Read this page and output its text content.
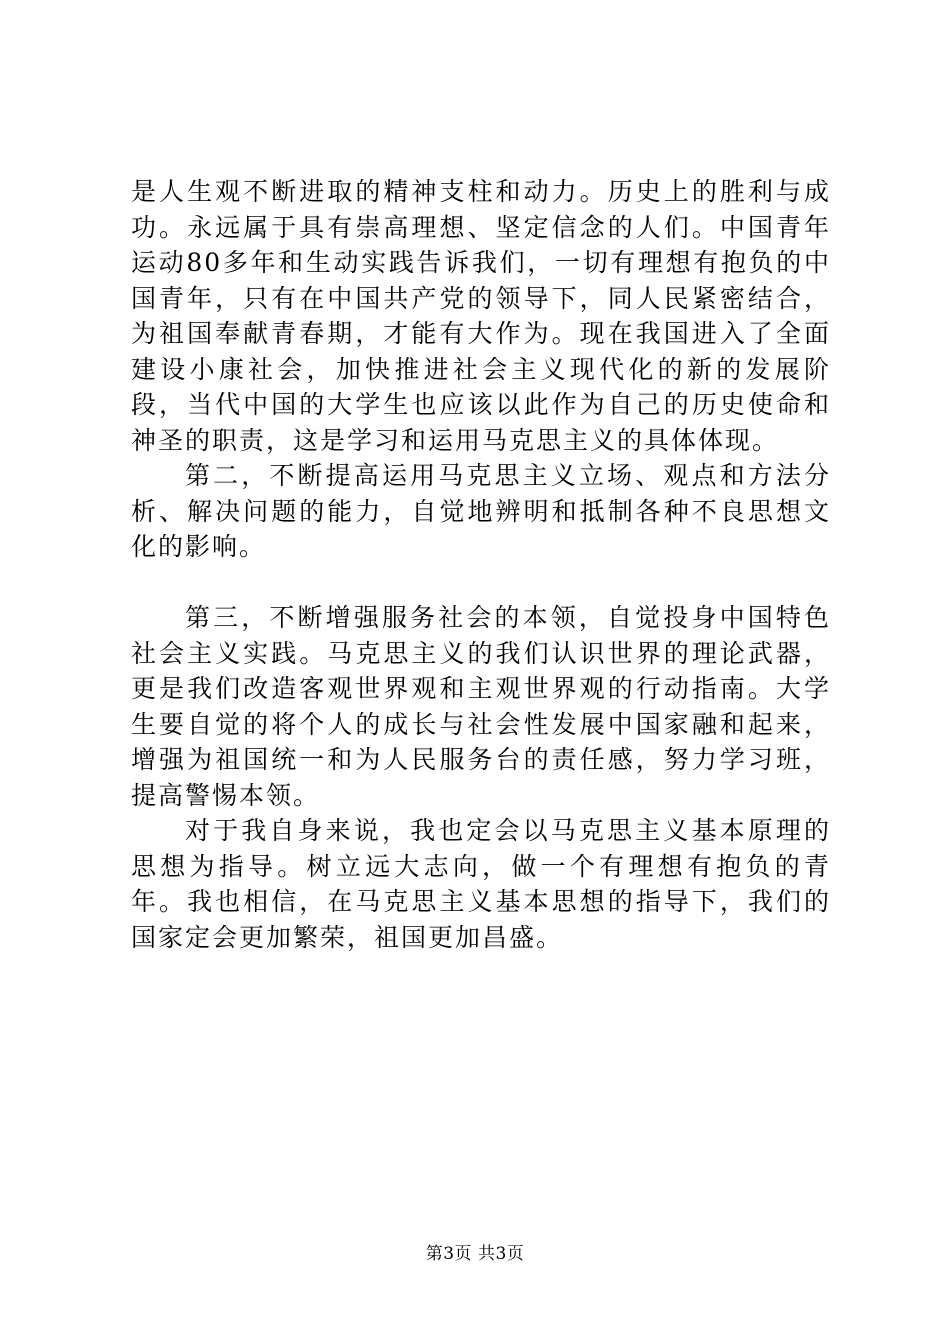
是人生观不断进取的精神支柱和动力。历史上的胜利与成功。永远属于具有崇高理想、坚定信念的人们。中国青年运动80多年和生动实践告诉我们，一切有理想有抱负的中国青年，只有在中国共产党的领导下，同人民紧密结合，为祖国奉献青春期，才能有大作为。现在我国进入了全面建设小康社会，加快推进社会主义现代化的新的发展阶段，当代中国的大学生也应该以此作为自己的历史使命和神圣的职责，这是学习和运用马克思主义的具体体现。

第二，不断提高运用马克思主义立场、观点和方法分析、解决问题的能力，自觉地辨明和抵制各种不良思想文化的影响。

第三，不断增强服务社会的本领，自觉投身中国特色社会主义实践。马克思主义的我们认识世界的理论武器，更是我们改造客观世界观和主观世界观的行动指南。大学生要自觉的将个人的成长与社会性发展中国家融和起来，增强为祖国统一和为人民服务台的责任感，努力学习班，提高警惕本领。

对于我自身来说，我也定会以马克思主义基本原理的思想为指导。树立远大志向，做一个有理想有抱负的青年。我也相信，在马克思主义基本思想的指导下，我们的国家定会更加繁荣，祖国更加昌盛。

第3页 共3页
